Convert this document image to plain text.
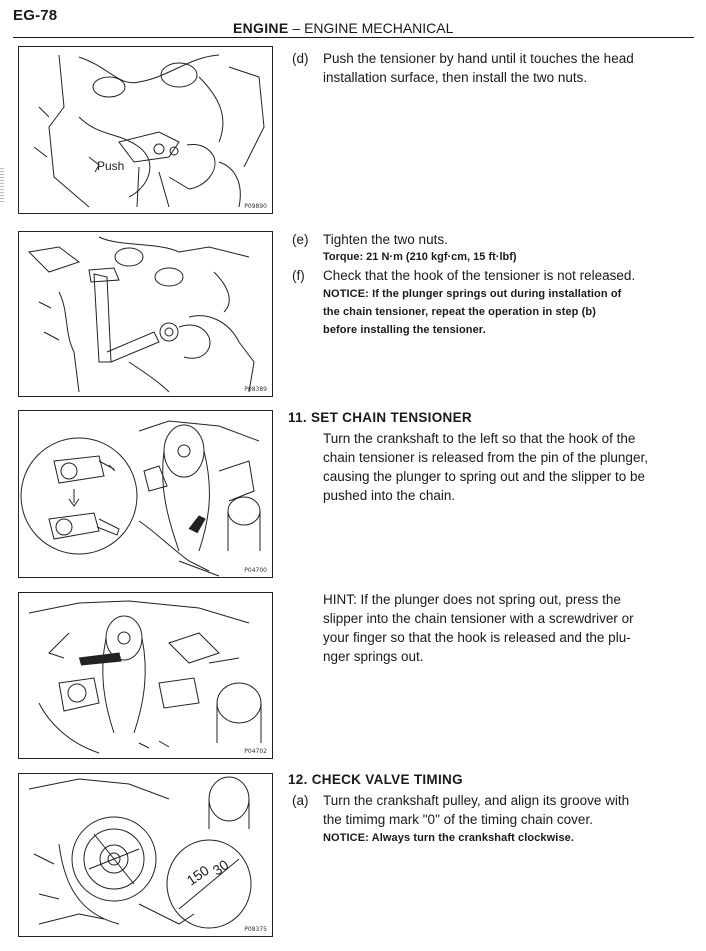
EG-78
ENGINE – ENGINE MECHANICAL
Push
P09890
P08389
P04700
P04702
150
30
P08375
(d) Push the tensioner by hand until it touches the head
installation surface, then install the two nuts.
(e) Tighten the two nuts.
Torque: 21 N·m (210 kgf·cm, 15 ft·lbf)
(f) Check that the hook of the tensioner is not released.
NOTICE: If the plunger springs out during installation of
the chain tensioner, repeat the operation in step (b)
before installing the tensioner.
11. SET CHAIN TENSIONER
Turn the crankshaft to the left so that the hook of the
chain tensioner is released from the pin of the plunger,
causing the plunger to spring out and the slipper to be
pushed into the chain.
HINT: If the plunger does not spring out, press the
slipper into the chain tensioner with a screwdriver or
your finger so that the hook is released and the plu-
nger springs out.
12. CHECK VALVE TIMING
(a) Turn the crankshaft pulley, and align its groove with
the timimg mark "0" of the timing chain cover.
NOTICE: Always turn the crankshaft clockwise.
